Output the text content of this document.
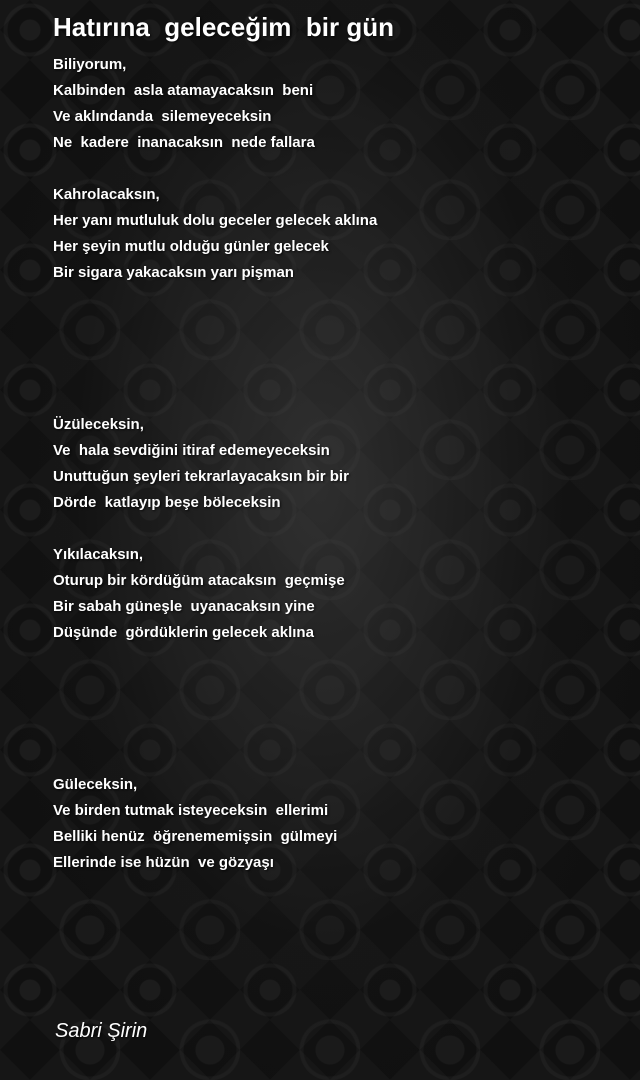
Hatırına  geleceğim  bir gün

Biliyorum,
Kalbinden  asla atamayacaksın  beni
Ve aklındanda  silemeyeceksin
Ne  kadere  inanacaksın  nede fallara

Kahrolacaksın,
Her yanı mutluluk dolu geceler gelecek aklına
Her şeyin mutlu olduğu günler gelecek
Bir sigara yakacaksın yarı pişman

Üzüleceksin,
Ve  hala sevdiğini itiraf edemeyeceksin
Unuttuğun şeyleri tekrarlayacaksın bir bir
Dörde  katlayıp beşe böleceksin

Yıkılacaksın,
Oturup bir kördüğüm atacaksın  geçmişe
Bir sabah güneşle  uyanacaksın yine
Düşünde  gördüklerin gelecek aklına

Güleceksin,
Ve birden tutmak isteyeceksin  ellerimi
Belliki henüz  öğrenememişsin  gülmeyi
Ellerinde ise hüzün  ve gözyaşı

Sabri Şirin
